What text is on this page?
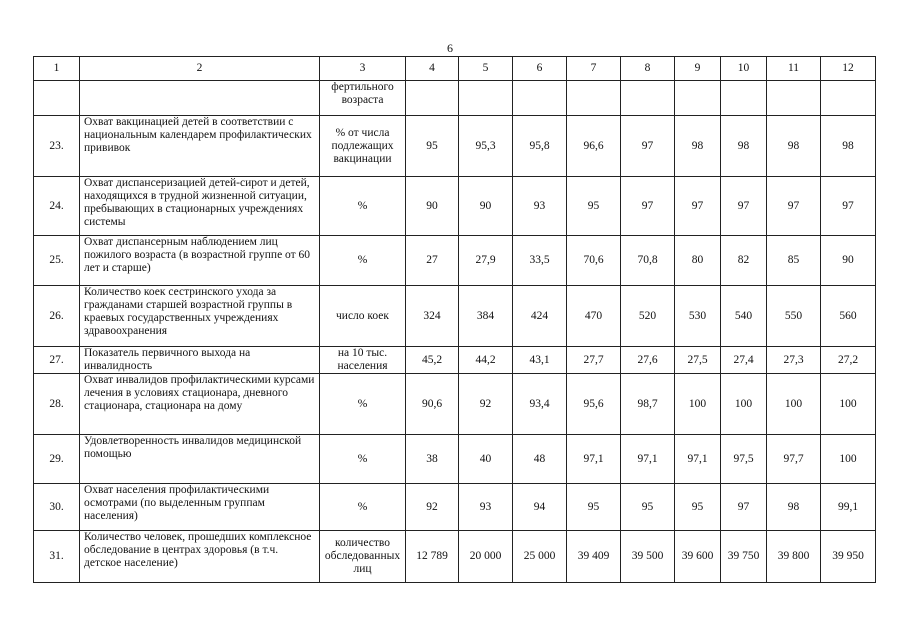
6
1	2	3	4	5	6	7	8	9	10	11	12
		фертильного возраста									
23.	Охват вакцинацией детей в соответствии с национальным календарем профилактических прививок	% от числа подлежащих вакцинации	95	95,3	95,8	96,6	97	98	98	98	98
24.	Охват диспансеризацией детей-сирот и детей, находящихся в трудной жизненной ситуации, пребывающих в стационарных учреждениях системы	%	90	90	93	95	97	97	97	97	97
25.	Охват диспансерным наблюдением лиц пожилого возраста (в возрастной группе от 60 лет и старше)	%	27	27,9	33,5	70,6	70,8	80	82	85	90
26.	Количество коек сестринского ухода за гражданами старшей возрастной группы в краевых государственных учреждениях здравоохранения	число коек	324	384	424	470	520	530	540	550	560
27.	Показатель первичного выхода на инвалидность	на 10 тыс. населения	45,2	44,2	43,1	27,7	27,6	27,5	27,4	27,3	27,2
28.	Охват инвалидов профилактическими курсами лечения в условиях стационара, дневного стационара, стационара на дому	%	90,6	92	93,4	95,6	98,7	100	100	100	100
29.	Удовлетворенность инвалидов медицинской помощью	%	38	40	48	97,1	97,1	97,1	97,5	97,7	100
30.	Охват населения профилактическими осмотрами (по выделенным группам населения)	%	92	93	94	95	95	95	97	98	99,1
31.	Количество человек, прошедших комплексное обследование в центрах здоровья (в т.ч. детское население)	количество обследованных лиц	12 789	20 000	25 000	39 409	39 500	39 600	39 750	39 800	39 950
